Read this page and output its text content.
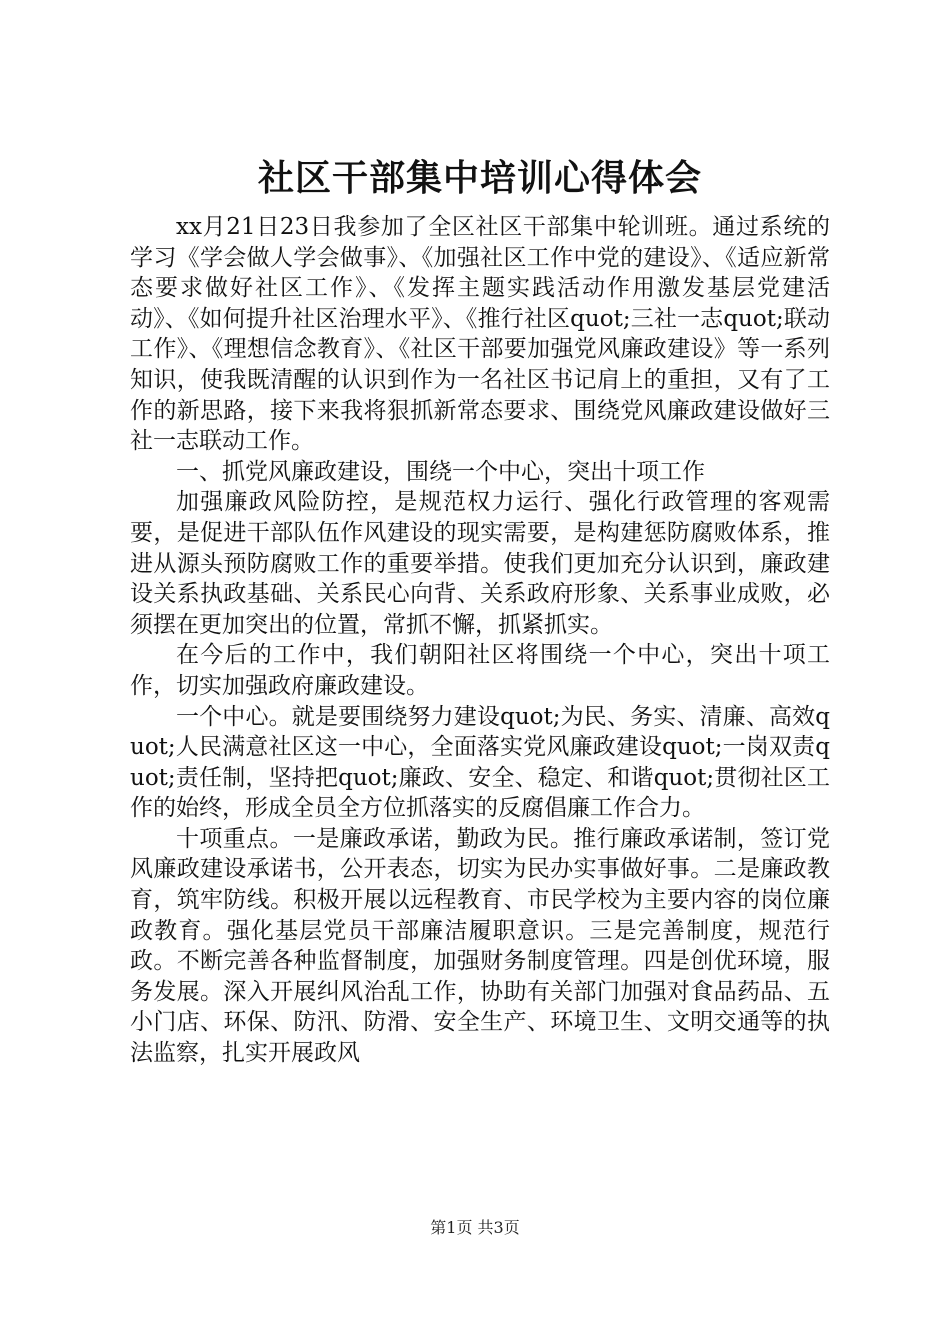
社区干部集中培训心得体会

xx月21日23日我参加了全区社区干部集中轮训班。通过系统的学习《学会做人学会做事》、《加强社区工作中党的建设》、《适应新常态要求做好社区工作》、《发挥主题实践活动作用激发基层党建活动》、《如何提升社区治理水平》、《推行社区quot;三社一志quot;联动工作》、《理想信念教育》、《社区干部要加强党风廉政建设》等一系列知识，使我既清醒的认识到作为一名社区书记肩上的重担，又有了工作的新思路，接下来我将狠抓新常态要求、围绕党风廉政建设做好三社一志联动工作。

一、抓党风廉政建设，围绕一个中心，突出十项工作

加强廉政风险防控，是规范权力运行、强化行政管理的客观需要，是促进干部队伍作风建设的现实需要，是构建惩防腐败体系，推进从源头预防腐败工作的重要举措。使我们更加充分认识到，廉政建设关系执政基础、关系民心向背、关系政府形象、关系事业成败，必须摆在更加突出的位置，常抓不懈，抓紧抓实。

在今后的工作中，我们朝阳社区将围绕一个中心，突出十项工作，切实加强政府廉政建设。

一个中心。就是要围绕努力建设quot;为民、务实、清廉、高效quot;人民满意社区这一中心，全面落实党风廉政建设quot;一岗双责quot;责任制，坚持把quot;廉政、安全、稳定、和谐quot;贯彻社区工作的始终，形成全员全方位抓落实的反腐倡廉工作合力。

十项重点。一是廉政承诺，勤政为民。推行廉政承诺制，签订党风廉政建设承诺书，公开表态，切实为民办实事做好事。二是廉政教育，筑牢防线。积极开展以远程教育、市民学校为主要内容的岗位廉政教育。强化基层党员干部廉洁履职意识。三是完善制度，规范行政。不断完善各种监督制度，加强财务制度管理。四是创优环境，服务发展。深入开展纠风治乱工作，协助有关部门加强对食品药品、五小门店、环保、防汛、防滑、安全生产、环境卫生、文明交通等的执法监察，扎实开展政风

第1页 共3页
